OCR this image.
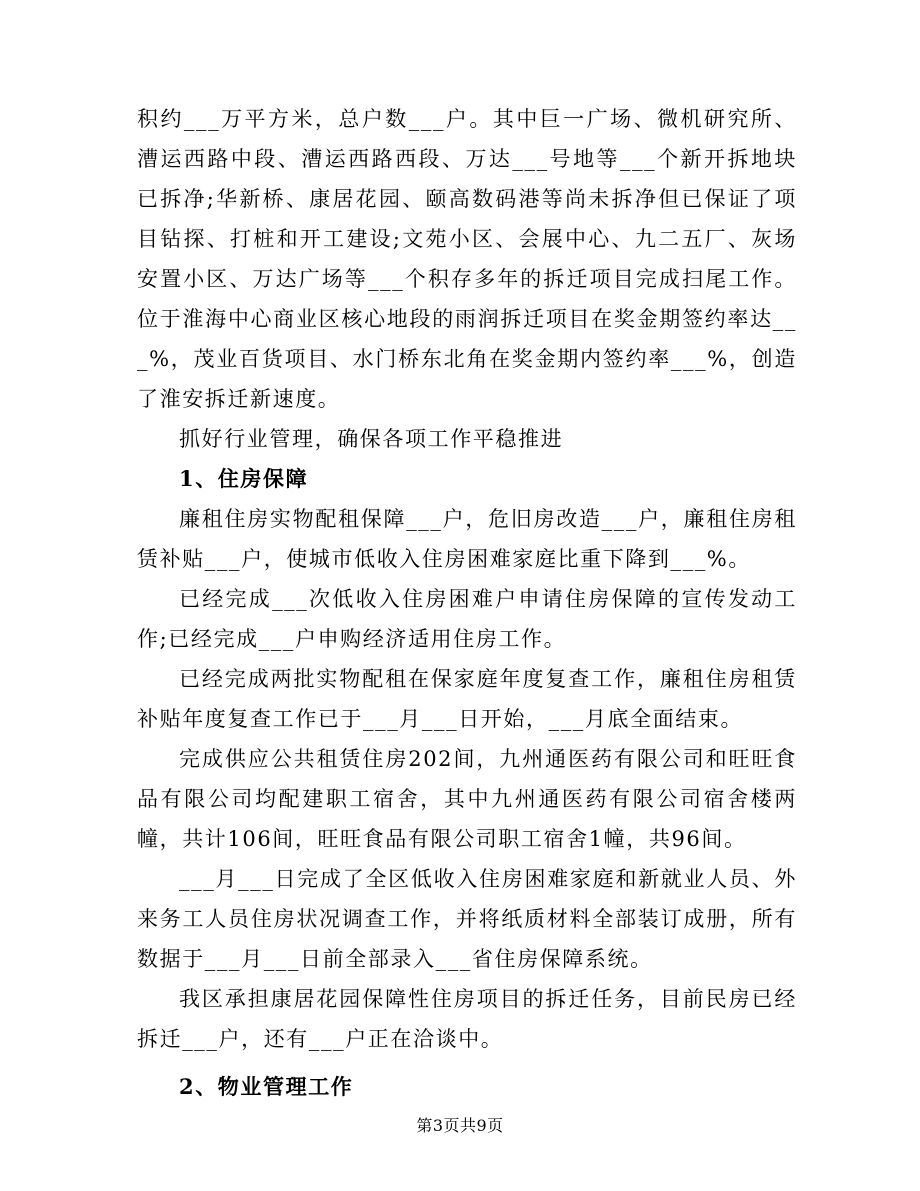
积约___万平方米，总户数___户。其中巨一广场、微机研究所、漕运西路中段、漕运西路西段、万达___号地等___个新开拆地块已拆净;华新桥、康居花园、颐高数码港等尚未拆净但已保证了项目钻探、打桩和开工建设;文苑小区、会展中心、九二五厂、灰场安置小区、万达广场等___个积存多年的拆迁项目完成扫尾工作。位于淮海中心商业区核心地段的雨润拆迁项目在奖金期签约率达___%，茂业百货项目、水门桥东北角在奖金期内签约率___%，创造了淮安拆迁新速度。

抓好行业管理，确保各项工作平稳推进

1、住房保障

廉租住房实物配租保障___户，危旧房改造___户，廉租住房租赁补贴___户，使城市低收入住房困难家庭比重下降到___%。

已经完成___次低收入住房困难户申请住房保障的宣传发动工作;已经完成___户申购经济适用住房工作。

已经完成两批实物配租在保家庭年度复查工作，廉租住房租赁补贴年度复查工作已于___月___日开始，___月底全面结束。

完成供应公共租赁住房202间，九州通医药有限公司和旺旺食品有限公司均配建职工宿舍，其中九州通医药有限公司宿舍楼两幢，共计106间，旺旺食品有限公司职工宿舍1幢，共96间。

___月___日完成了全区低收入住房困难家庭和新就业人员、外来务工人员住房状况调查工作，并将纸质材料全部装订成册，所有数据于___月___日前全部录入___省住房保障系统。

我区承担康居花园保障性住房项目的拆迁任务，目前民房已经拆迁___户，还有___户正在洽谈中。

2、物业管理工作

第3页共9页
